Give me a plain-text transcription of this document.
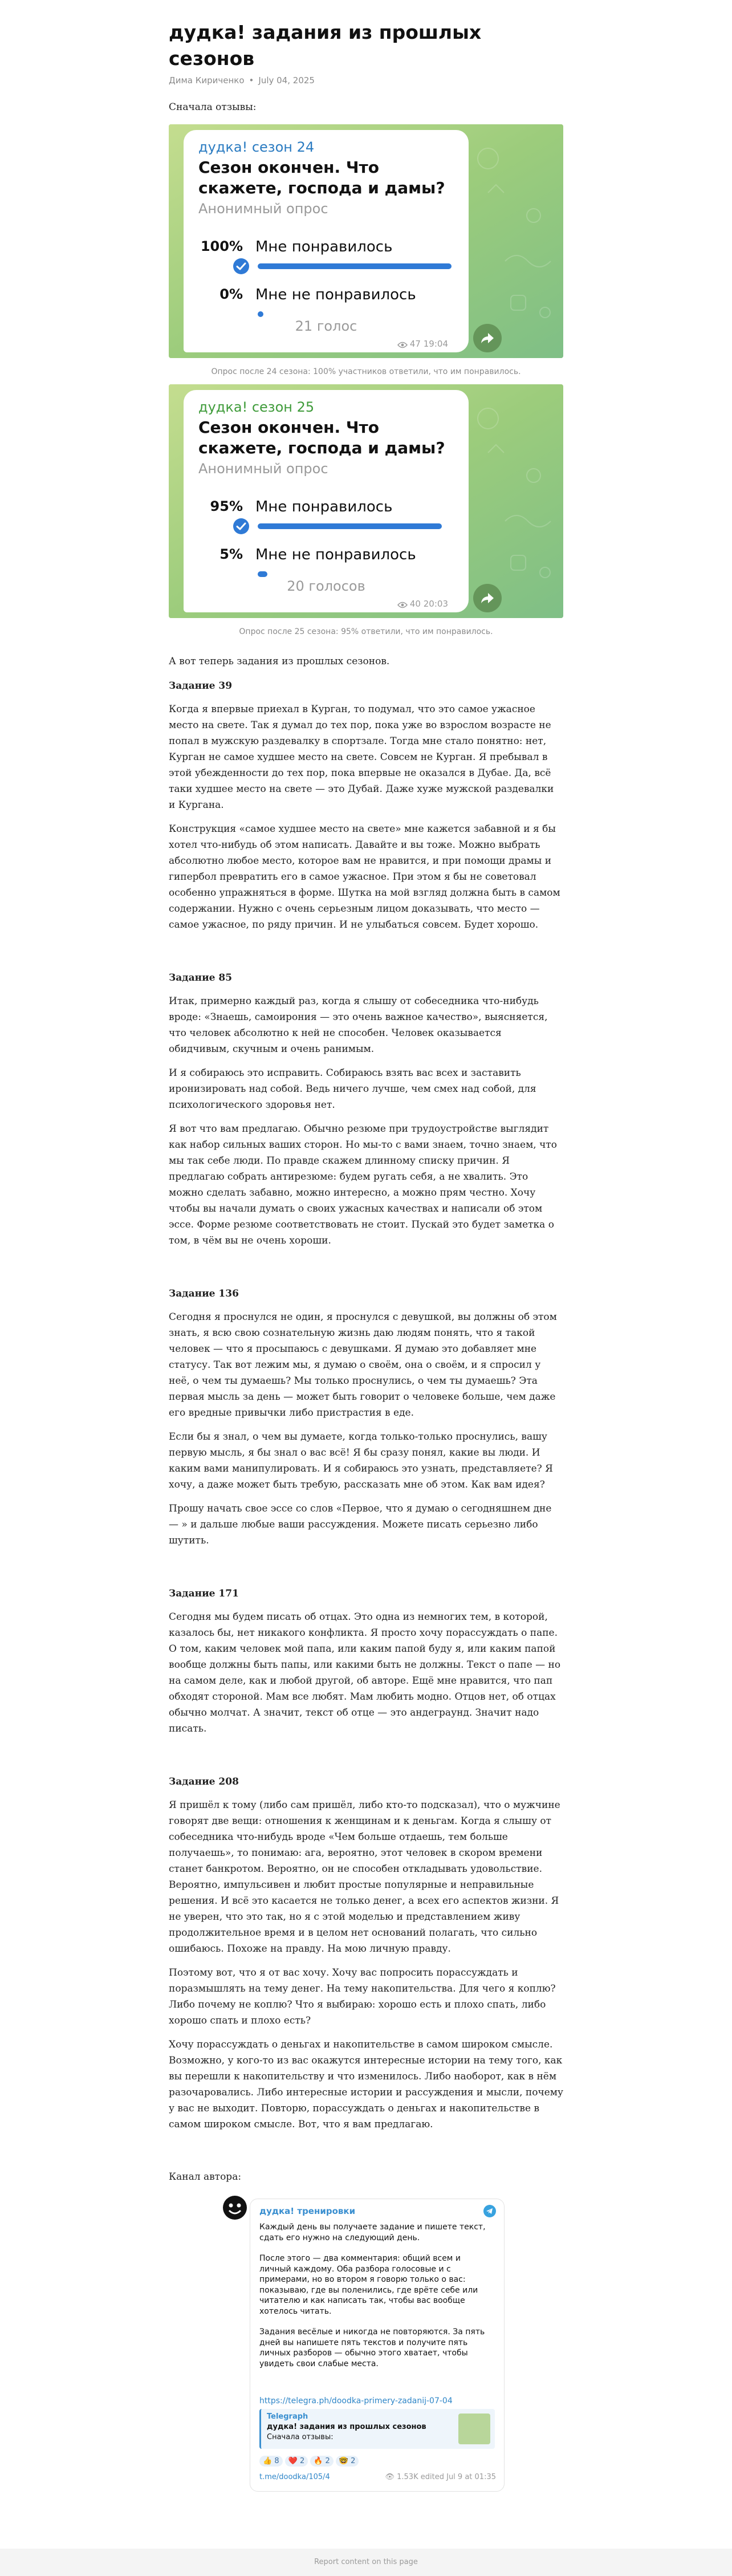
дудка! задания из прошлых сезонов
Дима Кириченко • July 04, 2025

Сначала отзывы:

дудка! сезон 24
Сезон окончен. Что скажете, господа и дамы?
Анонимный опрос
100% Мне понравилось
0% Мне не понравилось
21 голос
47 19:04
Опрос после 24 сезона: 100% участников ответили, что им понравилось.
дудка! сезон 25
Сезон окончен. Что скажете, господа и дамы?
Анонимный опрос
95% Мне понравилось
5% Мне не понравилось
20 голосов
40 20:03
Опрос после 25 сезона: 95% ответили, что им понравилось.

А вот теперь задания из прошлых сезонов.

Задание 39

Когда я впервые приехал в Курган, то подумал, что это самое ужасное место на свете. Так я думал до тех пор, пока уже во взрослом возрасте не попал в мужскую раздевалку в спортзале. Тогда мне стало понятно: нет, Курган не самое худшее место на свете. Совсем не Курган. Я пребывал в этой убежденности до тех пор, пока впервые не оказался в Дубае. Да, всё таки худшее место на свете — это Дубай. Даже хуже мужской раздевалки и Кургана.

Конструкция «самое худшее место на свете» мне кажется забавной и я бы хотел что-нибудь об этом написать. Давайте и вы тоже. Можно выбрать абсолютно любое место, которое вам не нравится, и при помощи драмы и гипербол превратить его в самое ужасное. При этом я бы не советовал особенно упражняться в форме. Шутка на мой взгляд должна быть в самом содержании. Нужно с очень серьезным лицом доказывать, что место — самое ужасное, по ряду причин. И не улыбаться совсем. Будет хорошо.

Задание 85

Итак, примерно каждый раз, когда я слышу от собеседника что-нибудь вроде: «Знаешь, самоирония — это очень важное качество», выясняется, что человек абсолютно к ней не способен. Человек оказывается обидчивым, скучным и очень ранимым.

И я собираюсь это исправить. Собираюсь взять вас всех и заставить иронизировать над собой. Ведь ничего лучше, чем смех над собой, для психологического здоровья нет.

Я вот что вам предлагаю. Обычно резюме при трудоустройстве выглядит как набор сильных ваших сторон. Но мы-то с вами знаем, точно знаем, что мы так себе люди. По правде скажем длинному списку причин. Я предлагаю собрать антирезюме: будем ругать себя, а не хвалить. Это можно сделать забавно, можно интересно, а можно прям честно. Хочу чтобы вы начали думать о своих ужасных качествах и написали об этом эссе. Форме резюме соответствовать не стоит. Пускай это будет заметка о том, в чём вы не очень хороши.

Задание 136

Сегодня я проснулся не один, я проснулся с девушкой, вы должны об этом знать, я всю свою сознательную жизнь даю людям понять, что я такой человек — что я просыпаюсь с девушками. Я думаю это добавляет мне статусу. Так вот лежим мы, я думаю о своём, она о своём, и я спросил у неё, о чем ты думаешь? Мы только проснулись, о чем ты думаешь? Эта первая мысль за день — может быть говорит о человеке больше, чем даже его вредные привычки либо пристрастия в еде.

Если бы я знал, о чем вы думаете, когда только-только проснулись, вашу первую мысль, я бы знал о вас всё! Я бы сразу понял, какие вы люди. И каким вами манипулировать. И я собираюсь это узнать, представляете? Я хочу, а даже может быть требую, рассказать мне об этом. Как вам идея?

Прошу начать свое эссе со слов «Первое, что я думаю о сегодняшнем дне — » и дальше любые ваши рассуждения. Можете писать серьезно либо шутить.

Задание 171

Сегодня мы будем писать об отцах. Это одна из немногих тем, в которой, казалось бы, нет никакого конфликта. Я просто хочу порассуждать о папе. О том, каким человек мой папа, или каким папой буду я, или каким папой вообще должны быть папы, или какими быть не должны. Текст о папе — но на самом деле, как и любой другой, об авторе. Ещё мне нравится, что пап обходят стороной. Мам все любят. Мам любить модно. Отцов нет, об отцах обычно молчат. А значит, текст об отце — это андеграунд. Значит надо писать.

Задание 208

Я пришёл к тому (либо сам пришёл, либо кто-то подсказал), что о мужчине говорят две вещи: отношения к женщинам и к деньгам. Когда я слышу от собеседника что-нибудь вроде «Чем больше отдаешь, тем больше получаешь», то понимаю: ага, вероятно, этот человек в скором времени станет банкротом. Вероятно, он не способен откладывать удовольствие. Вероятно, импульсивен и любит простые популярные и неправильные решения. И всё это касается не только денег, а всех его аспектов жизни. Я не уверен, что это так, но я с этой моделью и представлением живу продолжительное время и в целом нет оснований полагать, что сильно ошибаюсь. Похоже на правду. На мою личную правду.

Поэтому вот, что я от вас хочу. Хочу вас попросить порассуждать и поразмышлять на тему денег. На тему накопительства. Для чего я коплю? Либо почему не коплю? Что я выбираю: хорошо есть и плохо спать, либо хорошо спать и плохо есть?

Хочу порассуждать о деньгах и накопительстве в самом широком смысле. Возможно, у кого-то из вас окажутся интересные истории на тему того, как вы перешли к накопительству и что изменилось. Либо наоборот, как в нём разочаровались. Либо интересные истории и рассуждения и мысли, почему у вас не выходит. Повторю, порассуждать о деньгах и накопительстве в самом широком смысле. Вот, что я вам предлагаю.

Канал автора:

дудка! тренировки
Каждый день вы получаете задание и пишете текст, сдать его нужно на следующий день.
После этого — два комментария: общий всем и личный каждому. Оба разбора голосовые и с примерами, но во втором я говорю только о вас: показываю, где вы поленились, где врёте себе или читателю и как написать так, чтобы вас вообще хотелось читать.
Задания весёлые и никогда не повторяются. За пять дней вы напишете пять текстов и получите пять личных разборов — обычно этого хватает, чтобы увидеть свои слабые места.
https://telegra.ph/doodka-primery-zadanij-07-04
Telegraph
дудка! задания из прошлых сезонов
Сначала отзывы:
👍 8 ❤️ 2 🔥 2 🤓 2
t.me/doodka/105/4	👁 1.53K edited Jul 9 at 01:35
Report content on this page
